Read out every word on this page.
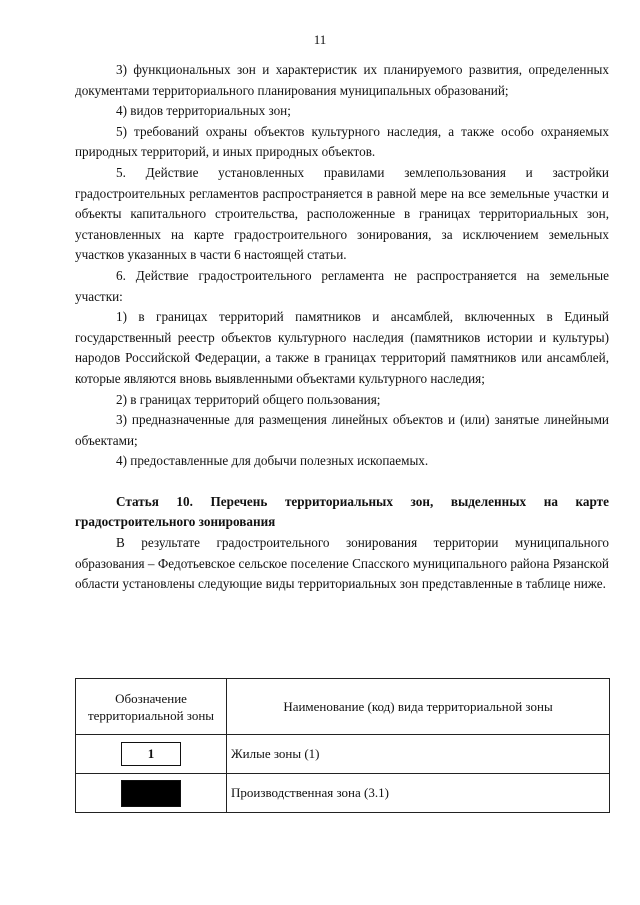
11

3) функциональных зон и характеристик их планируемого развития, определенных документами территориального планирования муниципальных образований;

4) видов территориальных зон;

5) требований охраны объектов культурного наследия, а также особо охраняемых природных территорий, и иных природных объектов.

5. Действие установленных правилами землепользования и застройки градостроительных регламентов распространяется в равной мере на все земельные участки и объекты капитального строительства, расположенные в границах территориальных зон, установленных на карте градостроительного зонирования, за исключением земельных участков указанных в части 6 настоящей статьи.

6. Действие градостроительного регламента не распространяется на земельные участки:

1) в границах территорий памятников и ансамблей, включенных в Единый государственный реестр объектов культурного наследия (памятников истории и культуры) народов Российской Федерации, а также в границах территорий памятников или ансамблей, которые являются вновь выявленными объектами культурного наследия;

2) в границах территорий общего пользования;

3) предназначенные для размещения линейных объектов и (или) занятые линейными объектами;

4) предоставленные для добычи полезных ископаемых.

Статья 10. Перечень территориальных зон, выделенных на карте градостроительного зонирования

В результате градостроительного зонирования территории муниципального образования – Федотьевское сельское поселение Спасского муниципального района Рязанской области установлены следующие виды территориальных зон представленные в таблице ниже.

Обозначение территориальной зоны	Наименование (код) вида территориальной зоны
1	Жилые зоны (1)
	Производственная зона (3.1)
